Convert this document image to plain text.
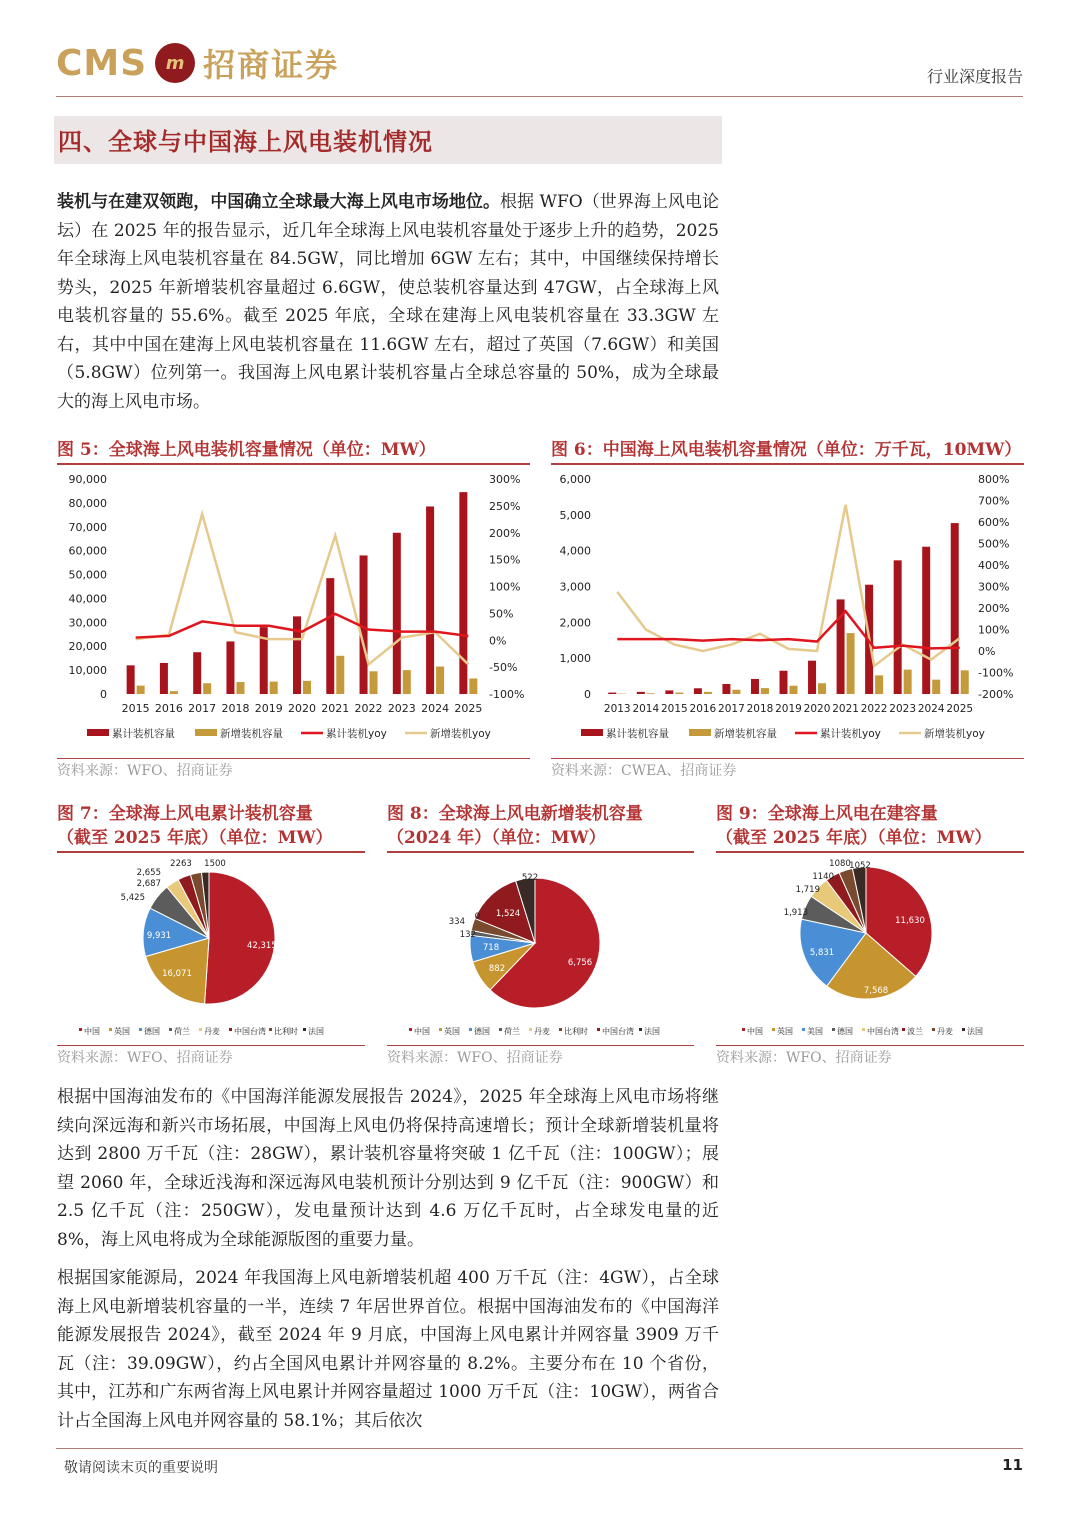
CMS	m 招商证券	行业深度报告
四、全球与中国海上风电装机情况
装机与在建双领跑，中国确立全球最大海上风电市场地位。根据 WFO（世界海上风电论坛）在 2025 年的报告显示，近几年全球海上风电装机容量处于逐步上升的趋势，2025 年全球海上风电装机容量在 84.5GW，同比增加 6GW 左右；其中，中国继续保持增长势头，2025 年新增装机容量超过 6.6GW，使总装机容量达到 47GW，占全球海上风电装机容量的 55.6%。截至 2025 年底，全球在建海上风电装机容量在 33.3GW 左右，其中中国在建海上风电装机容量在 11.6GW 左右，超过了英国（7.6GW）和美国（5.8GW）位列第一。我国海上风电累计装机容量占全球总容量的 50%，成为全球最大的海上风电市场。
图 5：全球海上风电装机容量情况（单位：MW）
90,000
80,000
70,000
60,000
50,000
40,000
30,000
20,000
10,000
0
300%
250%
200%
150%
100%
50%
0%
-50%
-100%
2015 2016 2017 2018 2019 2020 2021 2022 2023 2024 2025
累计装机容量	新增装机容量	累计装机yoy	新增装机yoy
资料来源：WFO、招商证券
图 6：中国海上风电装机容量情况（单位：万千瓦，10MW）
6,000
5,000
4,000
3,000
2,000
1,000
0
800%
700%
600%
500%
400%
300%
200%
100%
0%
-100%
-200%
2013 2014 2015 2016 2017 2018 2019 2020 2021 2022 2023 2024 2025
累计装机容量	新增装机容量	累计装机yoy	新增装机yoy
资料来源：CWEA、招商证券
图 7：全球海上风电累计装机容量
（截至 2025 年底）（单位：MW）
42,315
16,071
9,931
5,425
2,687
2,655
2263 1500
中国 英国 德国 荷兰 丹麦 中国台湾 比利时 法国
资料来源：WFO、招商证券
图 8：全球海上风电新增装机容量
（2024 年）（单位：MW）
6,756
882
718
132
0
334
1,524
522
中国 英国 德国 荷兰 丹麦 比利时 中国台湾 法国
资料来源：WFO、招商证券
图 9：全球海上风电在建容量
（截至 2025 年底）（单位：MW）
11,630
7,568
5,831
1,913
1,719
1140
1080
1052
中国 英国 美国 德国 中国台湾 波兰 丹麦 法国
资料来源：WFO、招商证券
根据中国海油发布的《中国海洋能源发展报告 2024》，2025 年全球海上风电市场将继续向深远海和新兴市场拓展，中国海上风电仍将保持高速增长；预计全球新增装机量将达到 2800 万千瓦（注：28GW），累计装机容量将突破 1 亿千瓦（注：100GW）；展望 2060 年，全球近浅海和深远海风电装机预计分别达到 9 亿千瓦（注：900GW）和 2.5 亿千瓦（注：250GW），发电量预计达到 4.6 万亿千瓦时，占全球发电量的近 8%，海上风电将成为全球能源版图的重要力量。
根据国家能源局，2024 年我国海上风电新增装机超 400 万千瓦（注：4GW），占全球海上风电新增装机容量的一半，连续 7 年居世界首位。根据中国海油发布的《中国海洋能源发展报告 2024》，截至 2024 年 9 月底，中国海上风电累计并网容量 3909 万千瓦（注：39.09GW），约占全国风电累计并网容量的 8.2%。主要分布在 10 个省份，其中，江苏和广东两省海上风电累计并网容量超过 1000 万千瓦（注：10GW），两省合计占全国海上风电并网容量的 58.1%；其后依次
敬请阅读末页的重要说明	11
